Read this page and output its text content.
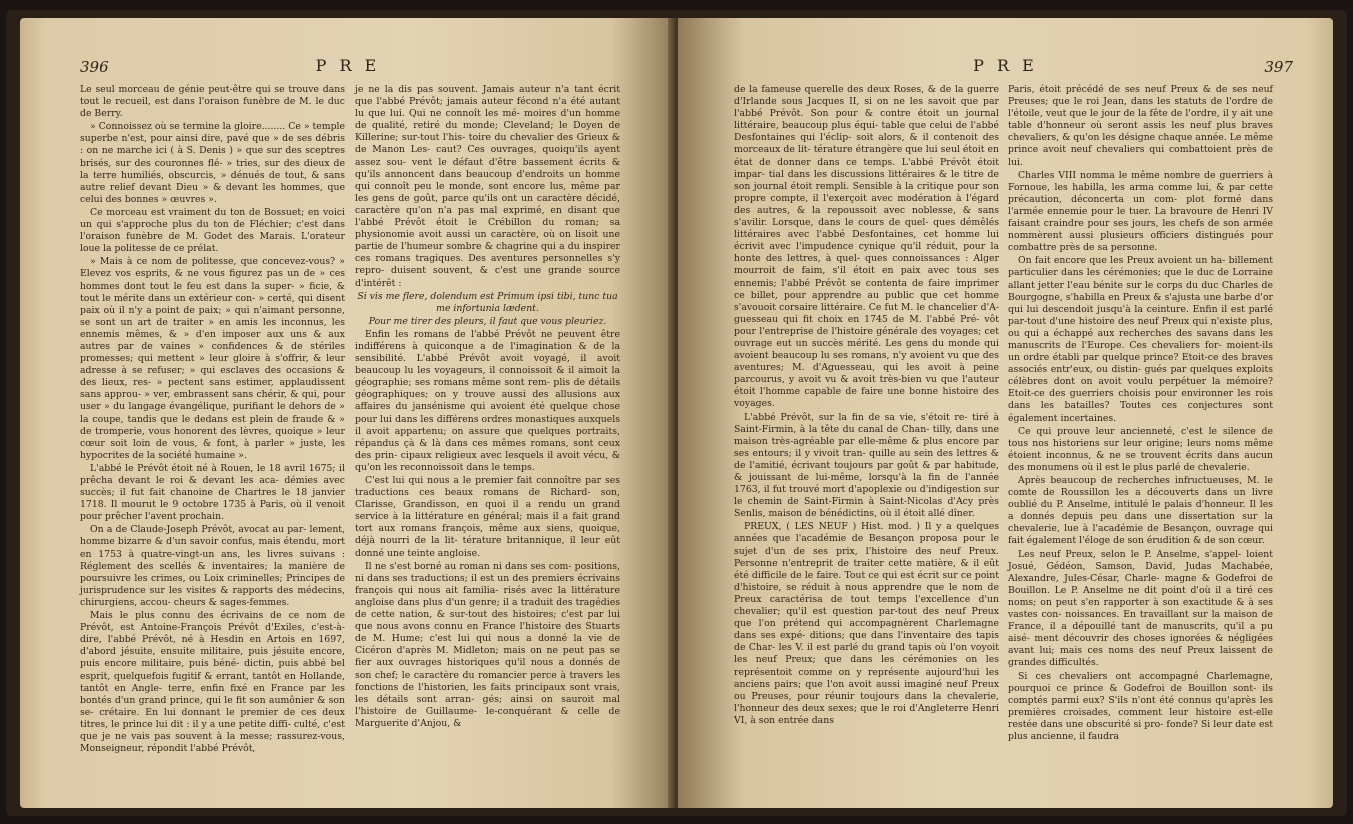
396	P R E

Le seul morceau de génie peut-être qui se trouve dans tout le recueil, est dans l'oraison funèbre de M. le duc de Berry.

» Connoissez où se termine la gloire........ Ce » temple superbe n'est, pour ainsi dire, pavé que » de ses débris : on ne marche ici ( à S. Denis ) » que sur des sceptres brisés, sur des couronnes flé- » tries, sur des dieux de la terre humiliés, obscurcis, » dénués de tout, & sans autre relief devant Dieu » & devant les hommes, que celui des bonnes » œuvres ».

Ce morceau est vraiment du ton de Bossuet; en voici un qui s'approche plus du ton de Fléchier; c'est dans l'oraison funèbre de M. Godet des Marais. L'orateur loue la politesse de ce prélat.

» Mais à ce nom de politesse, que concevez-vous? » Elevez vos esprits, & ne vous figurez pas un de » ces hommes dont tout le feu est dans la super- » ficie, & tout le mérite dans un extérieur con- » certé, qui disent paix où il n'y a point de paix; » qui n'aimant personne, se sont un art de traiter » en amis les inconnus, les ennemis mêmes, & » d'en imposer aux uns & aux autres par de vaines » confidences & de stériles promesses; qui mettent » leur gloire à s'offrir, & leur adresse à se refuser; » qui esclaves des occasions & des lieux, res- » pectent sans estimer, applaudissent sans approu- » ver, embrassent sans chérir, & qui, pour user » du langage évangélique, purifiant le dehors de » la coupe, tandis que le dedans est plein de fraude & » de tromperie, vous honorent des lèvres, quoique » leur cœur soit loin de vous, & font, à parler » juste, les hypocrites de la société humaine ».

L'abbé le Prévôt étoit né à Rouen, le 18 avril 1675; il prêcha devant le roi & devant les aca- démies avec succès; il fut fait chanoine de Chartres le 18 janvier 1718. Il mourut le 9 octobre 1735 à Paris, où il venoit pour prêcher l'avent prochain.

On a de Claude-Joseph Prévôt, avocat au par- lement, homme bizarre & d'un savoir confus, mais étendu, mort en 1753 à quatre-vingt-un ans, les livres suivans : Réglement des scellés & inventaires; la manière de poursuivre les crimes, ou Loix criminelles; Principes de jurisprudence sur les visites & rapports des médecins, chirurgiens, accou- cheurs & sages-femmes.

Mais le plus connu des écrivains de ce nom de Prévôt, est Antoine-François Prévôt d'Exiles, c'est-à-dire, l'abbé Prévôt, né à Hesdin en Artois en 1697, d'abord jésuite, ensuite militaire, puis jésuite encore, puis encore militaire, puis béné- dictin, puis abbé bel esprit, quelquefois fugitif & errant, tantôt en Hollande, tantôt en Angle- terre, enfin fixé en France par les bontés d'un grand prince, qui le fit son aumônier & son se- crétaire. En lui donnant le premier de ces deux titres, le prince lui dit : il y a une petite diffi- culté, c'est que je ne vais pas souvent à la messe; rassurez-vous, Monseigneur, répondit l'abbé Prévôt,

je ne la dis pas souvent. Jamais auteur n'a tant écrit que l'abbé Prévôt; jamais auteur fécond n'a été autant lu que lui. Qui ne connoît les mé- moires d'un homme de qualité, retiré du monde; Cleveland; le Doyen de Killerine; sur-tout l'his- toire du chevalier des Grieux & de Manon Les- caut? Ces ouvrages, quoiqu'ils ayent assez sou- vent le défaut d'être bassement écrits & qu'ils annoncent dans beaucoup d'endroits un homme qui connoît peu le monde, sont encore lus, même par les gens de goût, parce qu'ils ont un caractère décidé, caractère qu'on n'a pas mal exprimé, en disant que l'abbé Prévôt étoit le Crébillon du roman; sa physionomie avoit aussi un caractère, où on lisoit une partie de l'humeur sombre & chagrine qui a du inspirer ces romans tragiques. Des aventures personnelles s'y repro- duisent souvent, & c'est une grande source d'intérêt :

Si vis me flere, dolendum est Primum ipsi tibi, tunc tua me infortunia lædent.

Pour me tirer des pleurs, il faut que vous pleuriez.

Enfin les romans de l'abbé Prévôt ne peuvent être indifférens à quiconque a de l'imagination & de la sensibilité. L'abbé Prévôt avoit voyagé, il avoit beaucoup lu les voyageurs, il connoissoit & il aimoit la géographie; ses romans même sont rem- plis de détails géographiques; on y trouve aussi des allusions aux affaires du jansénisme qui avoient été quelque chose pour lui dans les différens ordres monastiques auxquels il avoit appartenu; on assure que quelques portraits, répandus çà & là dans ces mêmes romans, sont ceux des prin- cipaux religieux avec lesquels il avoit vécu, & qu'on les reconnoissoit dans le temps.

C'est lui qui nous a le premier fait connoître par ses traductions ces beaux romans de Richard- son, Clarisse, Grandisson, en quoi il a rendu un grand service à la littérature en général; mais il a fait grand tort aux romans françois, même aux siens, quoique, déjà nourri de la lit- térature britannique, il leur eût donné une teinte angloise.

Il ne s'est borné au roman ni dans ses com- positions, ni dans ses traductions; il est un des premiers écrivains françois qui nous ait familia- risés avec la littérature angloise dans plus d'un genre; il a traduit des tragédies de cette nation, & sur-tout des histoires; c'est par lui que nous avons connu en France l'histoire des Stuarts de M. Hume; c'est lui qui nous a donné la vie de Cicéron d'après M. Midleton; mais on ne peut pas se fier aux ouvrages historiques qu'il nous a donnés de son chef; le caractère du romancier perce à travers les fonctions de l'historien, les faits principaux sont vrais, les détails sont arran- gés; ainsi on sauroit mal l'histoire de Guillaume- le-conquérant & celle de Marguerite d'Anjou, &

P R E	397

de la fameuse querelle des deux Roses, & de la guerre d'Irlande sous Jacques II, si on ne les savoit que par l'abbé Prévôt. Son pour & contre étoit un journal littéraire, beaucoup plus équi- table que celui de l'abbé Desfontaines qui l'éclip- soit alors, & il contenoit des morceaux de lit- térature étrangère que lui seul étoit en état de donner dans ce temps. L'abbé Prévôt étoit impar- tial dans les discussions littéraires & le titre de son journal étoit rempli. Sensible à la critique pour son propre compte, il l'exerçoit avec modération à l'égard des autres, & la repoussoit avec noblesse, & sans s'avilir. Lorsque, dans le cours de quel- ques démêlés littéraires avec l'abbé Desfontaines, cet homme lui écrivit avec l'impudence cynique qu'il réduit, pour la honte des lettres, à quel- ques connoissances : Alger mourroit de faim, s'il étoit en paix avec tous ses ennemis; l'abbé Prévôt se contenta de faire imprimer ce billet, pour apprendre au public que cet homme s'avouoit corsaire littéraire. Ce fut M. le chancelier d'A- guesseau qui fit choix en 1745 de M. l'abbé Pré- vôt pour l'entreprise de l'histoire générale des voyages; cet ouvrage eut un succès mérité. Les gens du monde qui avoient beaucoup lu ses romans, n'y avoient vu que des aventures; M. d'Aguesseau, qui les avoit à peine parcourus, y avoit vu & avoit très-bien vu que l'auteur étoit l'homme capable de faire une bonne histoire des voyages.

L'abbé Prévôt, sur la fin de sa vie, s'étoit re- tiré à Saint-Firmin, à la tête du canal de Chan- tilly, dans une maison très-agréable par elle-même & plus encore par ses entours; il y vivoit tran- quille au sein des lettres & de l'amitié, écrivant toujours par goût & par habitude, & jouissant de lui-même, lorsqu'à la fin de l'année 1763, il fut trouvé mort d'apoplexie ou d'indigestion sur le chemin de Saint-Firmin à Saint-Nicolas d'Acy près Senlis, maison de bénédictins, où il étoit allé dîner.

PREUX, ( LES NEUF ) Hist. mod. ) Il y a quelques années que l'académie de Besançon proposa pour le sujet d'un de ses prix, l'histoire des neuf Preux. Personne n'entreprit de traiter cette matière, & il eût été difficile de le faire. Tout ce qui est écrit sur ce point d'histoire, se réduit à nous apprendre que le nom de Preux caractérisa de tout temps l'excellence d'un chevalier; qu'il est question par-tout des neuf Preux que l'on prétend qui accompagnèrent Charlemagne dans ses expé- ditions; que dans l'inventaire des tapis de Char- les V. il est parlé du grand tapis où l'on voyoit les neuf Preux; que dans les cérémonies on les représentoit comme on y représente aujourd'hui les anciens pairs; que l'on avoit aussi imaginé neuf Preux ou Preuses, pour réunir toujours dans la chevalerie, l'honneur des deux sexes; que le roi d'Angleterre Henri VI, à son entrée dans

Paris, étoit précédé de ses neuf Preux & de ses neuf Preuses; que le roi Jean, dans les statuts de l'ordre de l'étoile, veut que le jour de la fête de l'ordre, il y ait une table d'honneur où seront assis les neuf plus braves chevaliers, & qu'on les désigne chaque année. Le même prince avoit neuf chevaliers qui combattoient près de lui.

Charles VIII nomma le même nombre de guerriers à Fornoue, les habilla, les arma comme lui, & par cette précaution, déconcerta un com- plot formé dans l'armée ennemie pour le tuer. La bravoure de Henri IV faisant craindre pour ses jours, les chefs de son armée nommèrent aussi plusieurs officiers distingués pour combattre près de sa personne.

On fait encore que les Preux avoient un ha- billement particulier dans les cérémonies; que le duc de Lorraine allant jetter l'eau bénite sur le corps du duc Charles de Bourgogne, s'habilla en Preux & s'ajusta une barbe d'or qui lui descendoit jusqu'à la ceinture. Enfin il est parlé par-tout d'une histoire des neuf Preux qui n'existe plus, ou qui a échappé aux recherches des savans dans les manuscrits de l'Europe. Ces chevaliers for- moient-ils un ordre établi par quelque prince? Etoit-ce des braves associés entr'eux, ou distin- gués par quelques exploits célèbres dont on avoit voulu perpétuer la mémoire? Etoit-ce des guerriers choisis pour environner les rois dans les batailles? Toutes ces conjectures sont également incertaines.

Ce qui prouve leur ancienneté, c'est le silence de tous nos historiens sur leur origine; leurs noms même étoient inconnus, & ne se trouvent écrits dans aucun des monumens où il est le plus parlé de chevalerie.

Après beaucoup de recherches infructueuses, M. le comte de Roussillon les a découverts dans un livre oublié du P. Anselme, intitulé le palais d'honneur. Il les a donnés depuis peu dans une dissertation sur la chevalerie, lue à l'académie de Besançon, ouvrage qui fait également l'éloge de son érudition & de son cœur.

Les neuf Preux, selon le P. Anselme, s'appel- loient Josué, Gédéon, Samson, David, Judas Machabée, Alexandre, Jules-César, Charle- magne & Godefroi de Bouillon. Le P. Anselme ne dit point d'où il a tiré ces noms; on peut s'en rapporter à son exactitude & à ses vastes con- noissances. En travaillant sur la maison de France, il a dépouillé tant de manuscrits, qu'il a pu aisé- ment découvrir des choses ignorées & négligées avant lui; mais ces noms des neuf Preux laissent de grandes difficultés.

Si ces chevaliers ont accompagné Charlemagne, pourquoi ce prince & Godefroi de Bouillon sont- ils comptés parmi eux? S'ils n'ont été connus qu'après les premières croisades, comment leur histoire est-elle restée dans une obscurité si pro- fonde? Si leur date est plus ancienne, il faudra
